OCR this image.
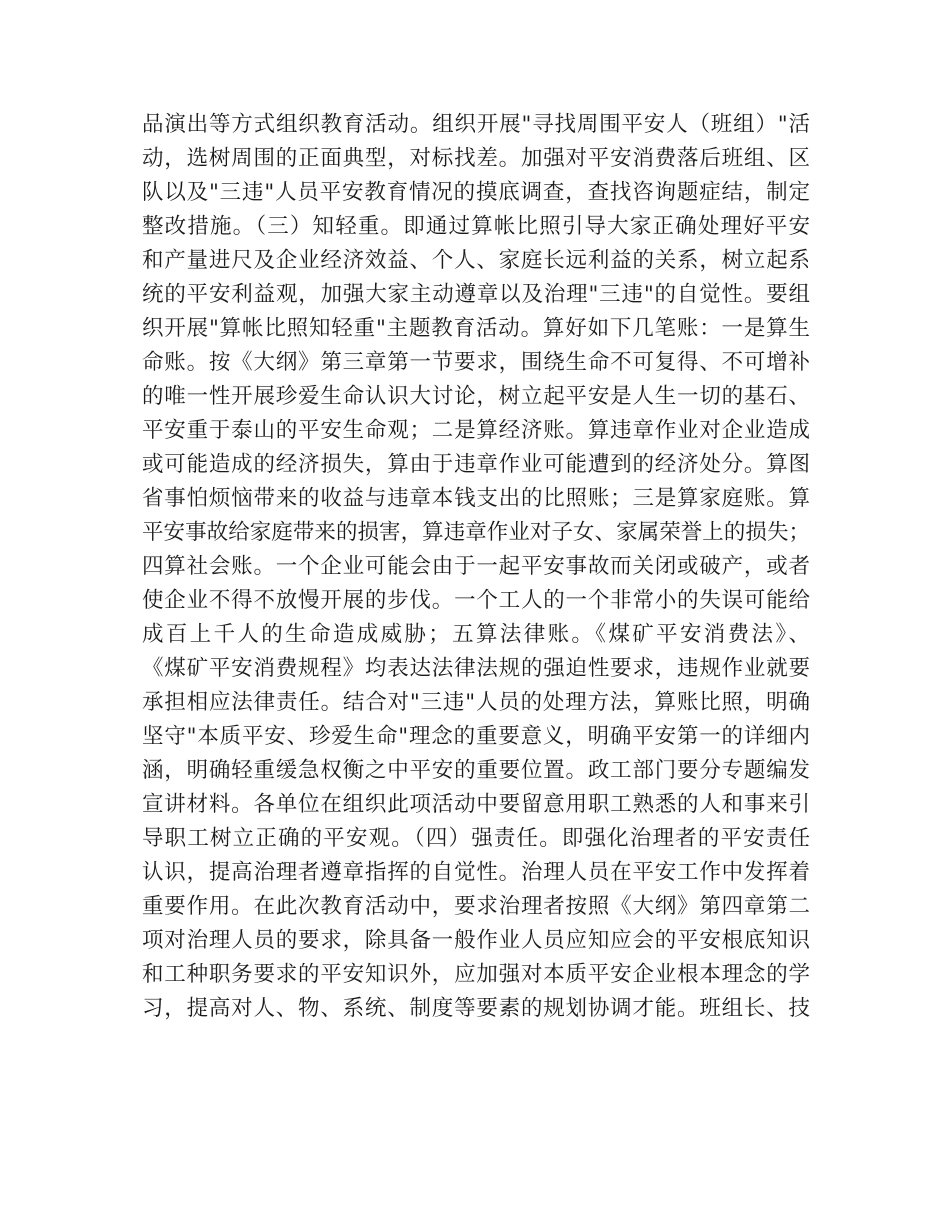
品演出等方式组织教育活动。组织开展"寻找周围平安人（班组）"活
动，选树周围的正面典型，对标找差。加强对平安消费落后班组、区
队以及"三违"人员平安教育情况的摸底调查，查找咨询题症结，制定
整改措施。（三）知轻重。即通过算帐比照引导大家正确处理好平安
和产量进尺及企业经济效益、个人、家庭长远利益的关系，树立起系
统的平安利益观，加强大家主动遵章以及治理"三违"的自觉性。要组
织开展"算帐比照知轻重"主题教育活动。算好如下几笔账：一是算生
命账。按《大纲》第三章第一节要求，围绕生命不可复得、不可增补
的唯一性开展珍爱生命认识大讨论，树立起平安是人生一切的基石、
平安重于泰山的平安生命观；二是算经济账。算违章作业对企业造成
或可能造成的经济损失，算由于违章作业可能遭到的经济处分。算图
省事怕烦恼带来的收益与违章本钱支出的比照账；三是算家庭账。算
平安事故给家庭带来的损害，算违章作业对子女、家属荣誉上的损失；
四算社会账。一个企业可能会由于一起平安事故而关闭或破产，或者
使企业不得不放慢开展的步伐。一个工人的一个非常小的失误可能给
成百上千人的生命造成威胁；五算法律账。《煤矿平安消费法》、
《煤矿平安消费规程》均表达法律法规的强迫性要求，违规作业就要
承担相应法律责任。结合对"三违"人员的处理方法，算账比照，明确
坚守"本质平安、珍爱生命"理念的重要意义，明确平安第一的详细内
涵，明确轻重缓急权衡之中平安的重要位置。政工部门要分专题编发
宣讲材料。各单位在组织此项活动中要留意用职工熟悉的人和事来引
导职工树立正确的平安观。（四）强责任。即强化治理者的平安责任
认识，提高治理者遵章指挥的自觉性。治理人员在平安工作中发挥着
重要作用。在此次教育活动中，要求治理者按照《大纲》第四章第二
项对治理人员的要求，除具备一般作业人员应知应会的平安根底知识
和工种职务要求的平安知识外，应加强对本质平安企业根本理念的学
习，提高对人、物、系统、制度等要素的规划协调才能。班组长、技
